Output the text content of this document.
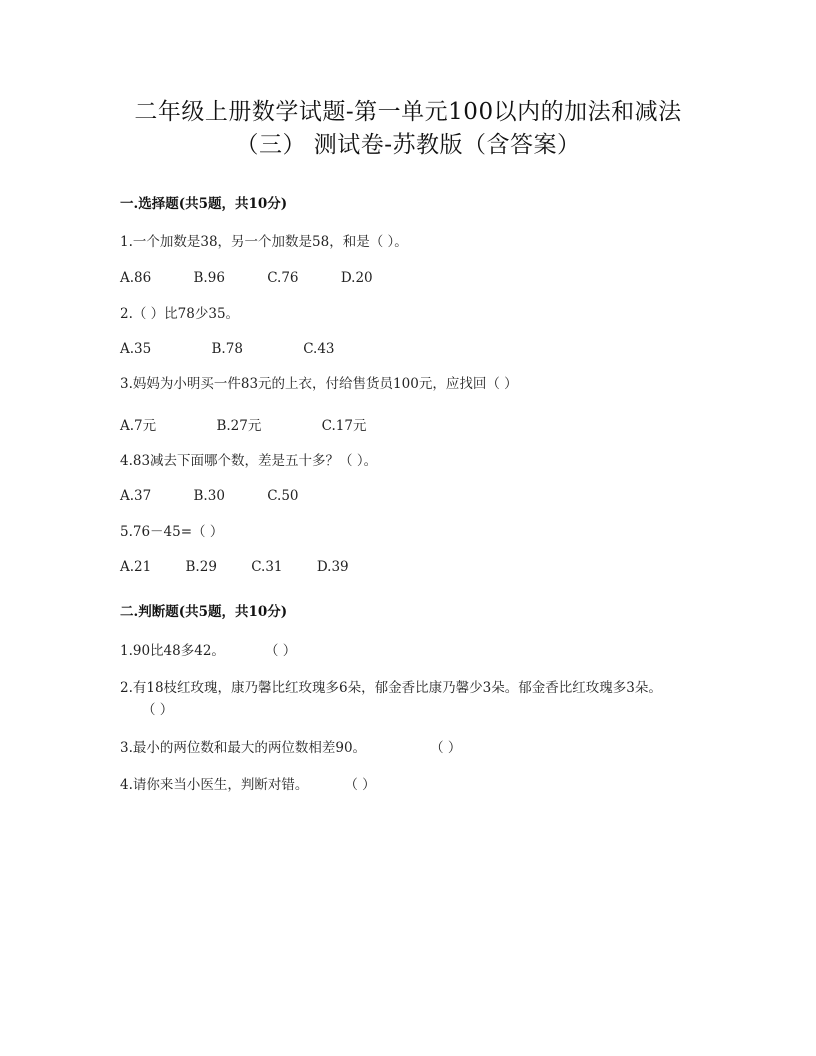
二年级上册数学试题-第一单元100以内的加法和减法
（三） 测试卷-苏教版（含答案）
一.选择题(共5题，共10分)
1.一个加数是38，另一个加数是58，和是（ ）。
A.86	B.96	C.76	D.20
2.（ ）比78少35。
A.35	B.78	C.43
3.妈妈为小明买一件83元的上衣，付给售货员100元，应找回（ ）
A.7元	B.27元	C.17元
4.83减去下面哪个数，差是五十多？（ ）。
A.37	B.30	C.50
5.76－45=（ ）
A.21	B.29	C.31	D.39
二.判断题(共5题，共10分)
1.90比48多42。	（ ）
2.有18枝红玫瑰，康乃馨比红玫瑰多6朵，郁金香比康乃馨少3朵。郁金香比红玫瑰多3朵。（ ）
3.最小的两位数和最大的两位数相差90。	（ ）
4.请你来当小医生，判断对错。	（ ）
